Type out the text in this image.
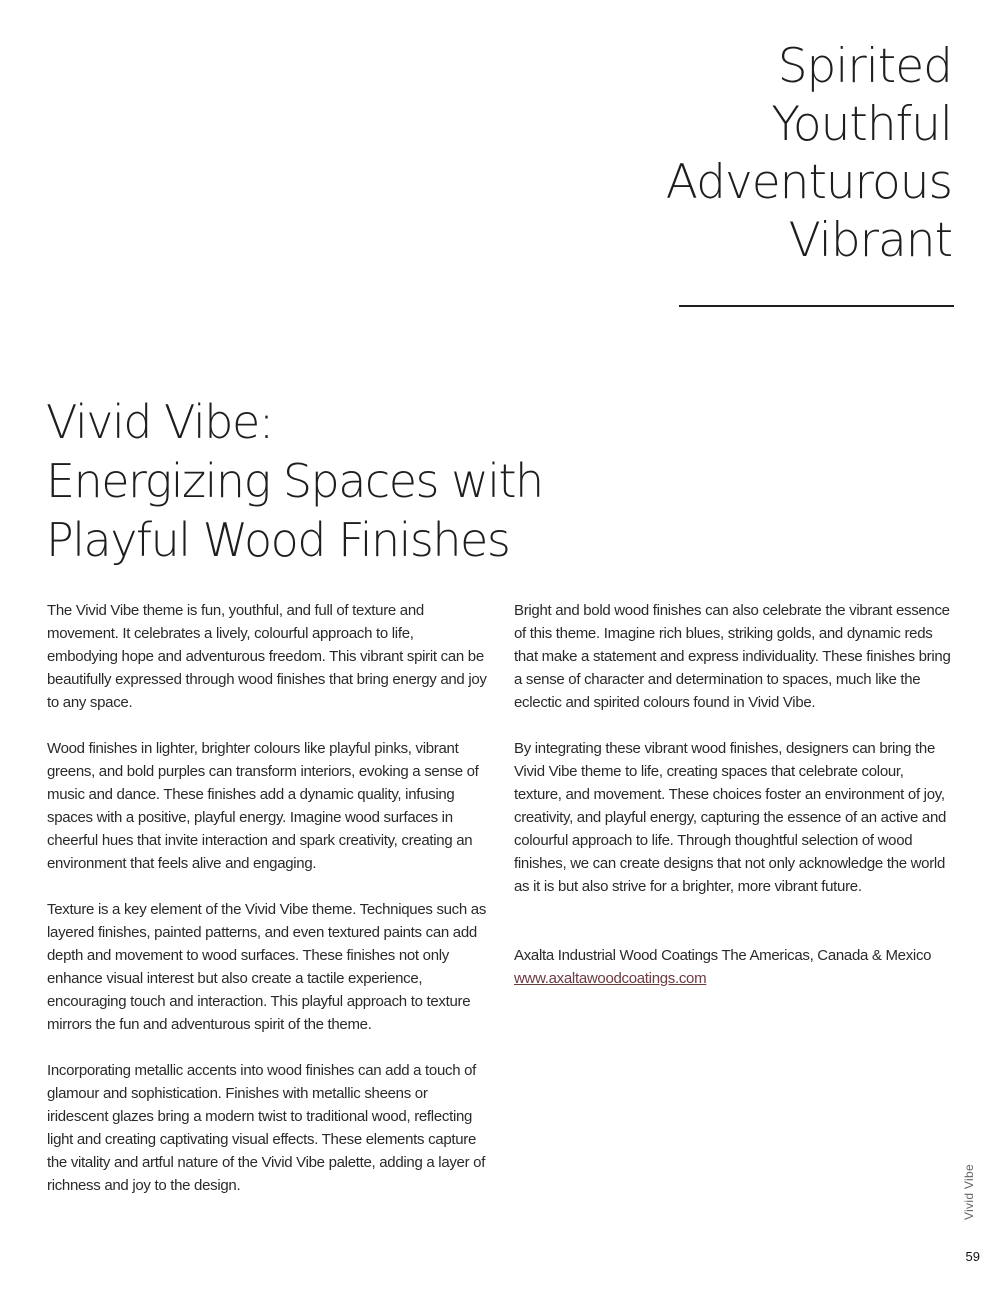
Spirited
Youthful
Adventurous
Vibrant
Vivid Vibe:
Energizing Spaces with
Playful Wood Finishes

The Vivid Vibe theme is fun, youthful, and full of texture and movement. It celebrates a lively, colourful approach to life, embodying hope and adventurous freedom. This vibrant spirit can be beautifully expressed through wood finishes that bring energy and joy to any space.

Wood finishes in lighter, brighter colours like playful pinks, vibrant greens, and bold purples can transform interiors, evoking a sense of music and dance. These finishes add a dynamic quality, infusing spaces with a positive, playful energy. Imagine wood surfaces in cheerful hues that invite interaction and spark creativity, creating an environment that feels alive and engaging.

Texture is a key element of the Vivid Vibe theme. Techniques such as layered finishes, painted patterns, and even textured paints can add depth and movement to wood surfaces. These finishes not only enhance visual interest but also create a tactile experience, encouraging touch and interaction. This playful approach to texture mirrors the fun and adventurous spirit of the theme.

Incorporating metallic accents into wood finishes can add a touch of glamour and sophistication. Finishes with metallic sheens or iridescent glazes bring a modern twist to traditional wood, reflecting light and creating captivating visual effects. These elements capture the vitality and artful nature of the Vivid Vibe palette, adding a layer of richness and joy to the design.

Bright and bold wood finishes can also celebrate the vibrant essence of this theme. Imagine rich blues, striking golds, and dynamic reds that make a statement and express individuality. These finishes bring a sense of character and determination to spaces, much like the eclectic and spirited colours found in Vivid Vibe.

By integrating these vibrant wood finishes, designers can bring the Vivid Vibe theme to life, creating spaces that celebrate colour, texture, and movement. These choices foster an environment of joy, creativity, and playful energy, capturing the essence of an active and colourful approach to life. Through thoughtful selection of wood finishes, we can create designs that not only acknowledge the world as it is but also strive for a brighter, more vibrant future.

Axalta Industrial Wood Coatings The Americas, Canada & Mexico
www.axaltawoodcoatings.com

Vivid Vibe
59
